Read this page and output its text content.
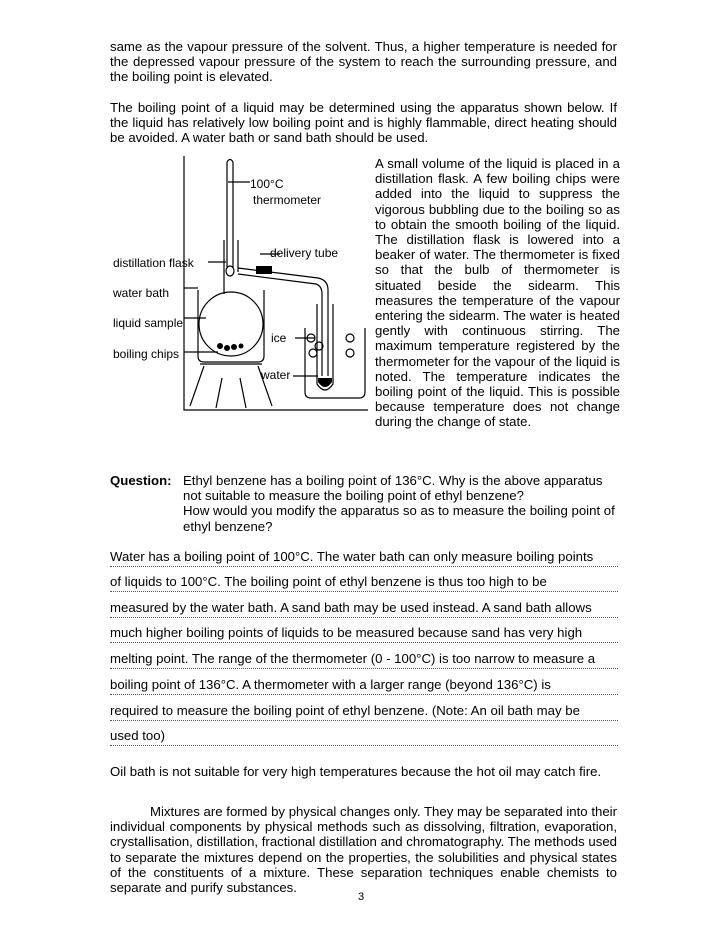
same as the vapour pressure of the solvent. Thus, a higher temperature is needed for the depressed vapour pressure of the system to reach the surrounding pressure, and the boiling point is elevated.
The boiling point of a liquid may be determined using the apparatus shown below. If the liquid has relatively low boiling point and is highly flammable, direct heating should be avoided. A water bath or sand bath should be used.
100°C
thermometer
delivery tube
distillation flask
water bath
liquid sample
boiling chips
ice
water
A small volume of the liquid is placed in a distillation flask. A few boiling chips were added into the liquid to suppress the vigorous bubbling due to the boiling so as to obtain the smooth boiling of the liquid. The distillation flask is lowered into a beaker of water. The thermometer is fixed so that the bulb of thermometer is situated beside the sidearm. This measures the temperature of the vapour entering the sidearm. The water is heated gently with continuous stirring. The maximum temperature registered by the thermometer for the vapour of the liquid is noted. The temperature indicates the boiling point of the liquid. This is possible because temperature does not change during the change of state.
Question: Ethyl benzene has a boiling point of 136°C. Why is the above apparatus not suitable to measure the boiling point of ethyl benzene?
How would you modify the apparatus so as to measure the boiling point of ethyl benzene?
Water has a boiling point of 100°C. The water bath can only measure boiling points
of liquids to 100°C. The boiling point of ethyl benzene is thus too high to be
measured by the water bath. A sand bath may be used instead. A sand bath allows
much higher boiling points of liquids to be measured because sand has very high
melting point. The range of the thermometer (0 - 100°C) is too narrow to measure a
boiling point of 136°C. A thermometer with a larger range (beyond 136°C) is
required to measure the boiling point of ethyl benzene. (Note: An oil bath may be
used too)
Oil bath is not suitable for very high temperatures because the hot oil may catch fire.
Mixtures are formed by physical changes only. They may be separated into their individual components by physical methods such as dissolving, filtration, evaporation, crystallisation, distillation, fractional distillation and chromatography. The methods used to separate the mixtures depend on the properties, the solubilities and physical states of the constituents of a mixture. These separation techniques enable chemists to separate and purify substances.
3
